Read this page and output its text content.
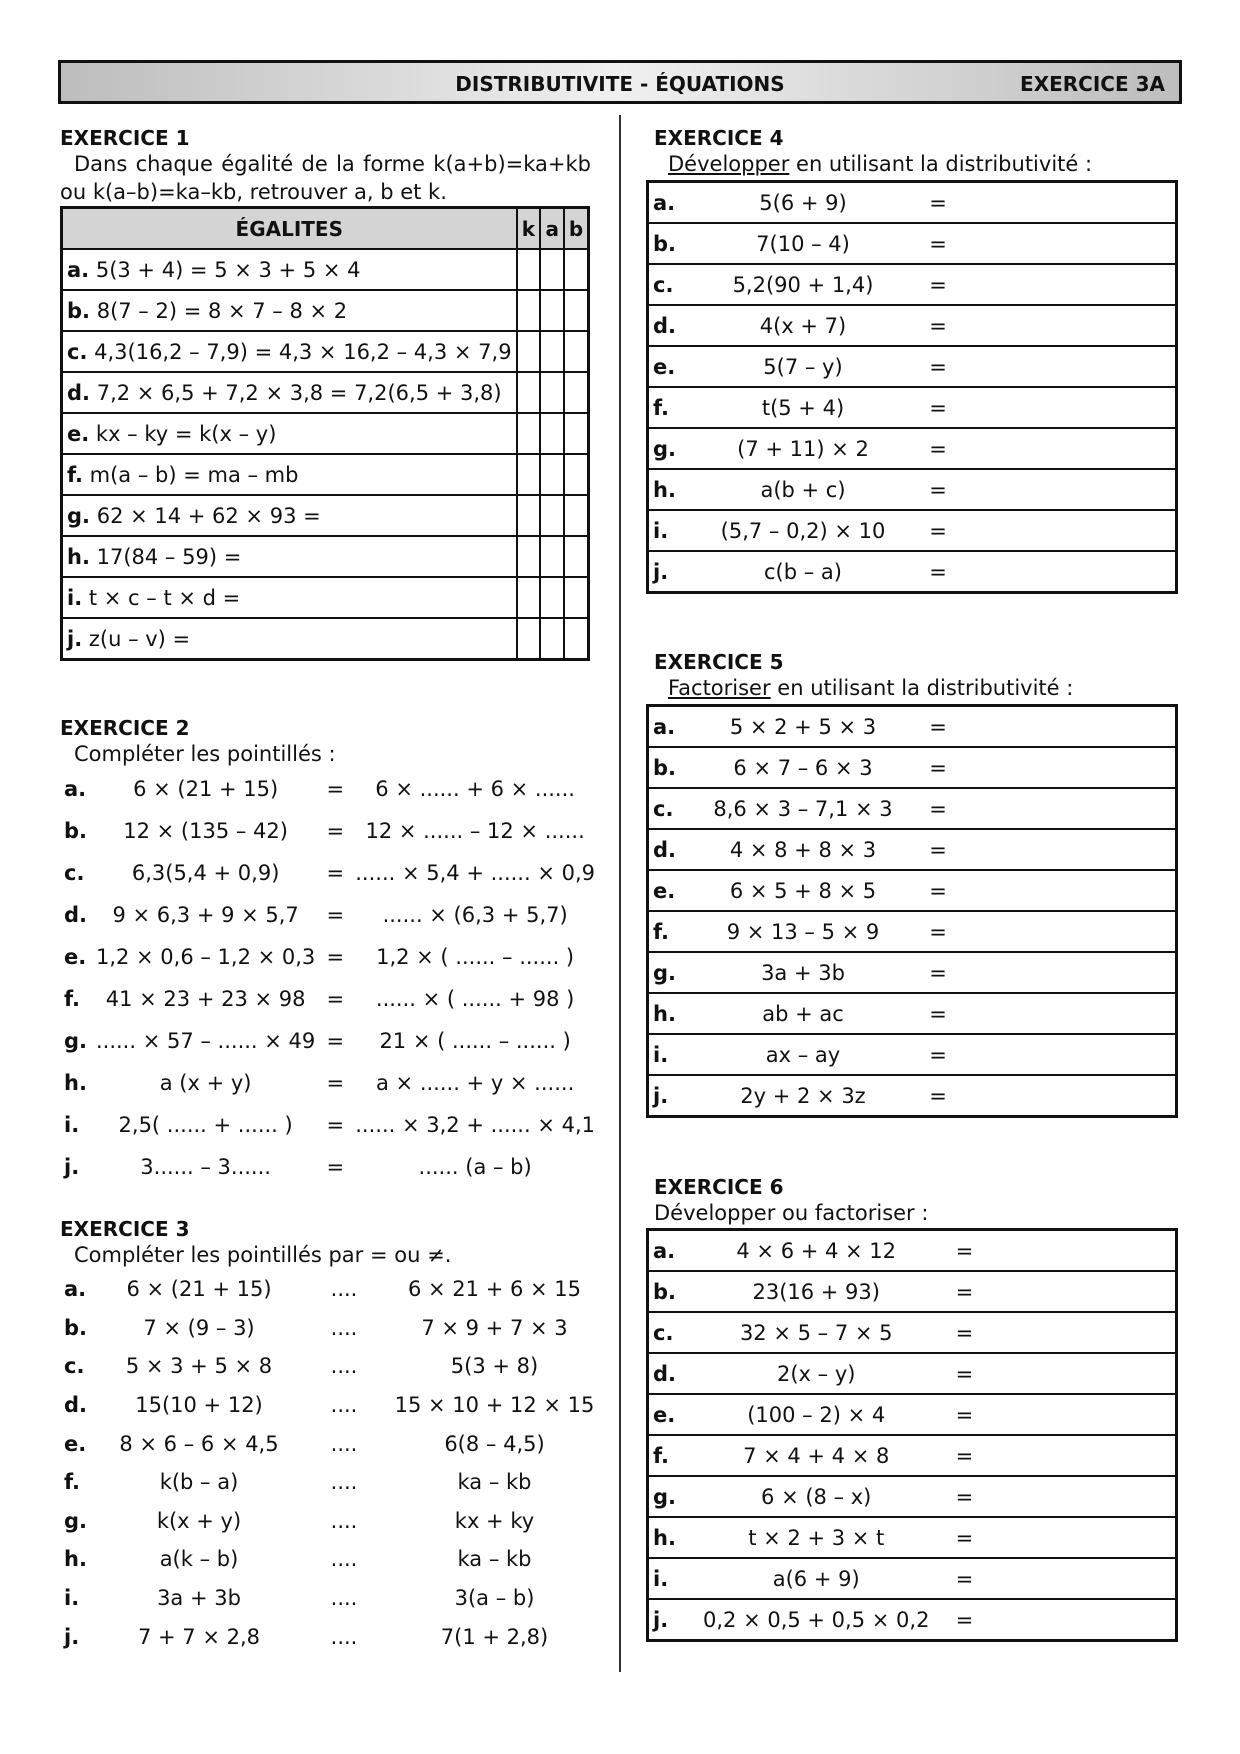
DISTRIBUTIVITE - ÉQUATIONS	EXERCICE 3A
EXERCICE 1
Dans chaque égalité de la forme k(a+b)=ka+kb
ou k(a–b)=ka–kb, retrouver a, b et k.
ÉGALITES	k	a	b
a. 5(3 + 4) = 5 × 3 + 5 × 4			
b. 8(7 – 2) = 8 × 7 – 8 × 2			
c. 4,3(16,2 – 7,9) = 4,3 × 16,2 – 4,3 × 7,9			
d. 7,2 × 6,5 + 7,2 × 3,8 = 7,2(6,5 + 3,8)			
e. kx – ky = k(x – y)			
f. m(a – b) = ma – mb			
g. 62 × 14 + 62 × 93 =			
h. 17(84 – 59) =			
i. t × c – t × d =			
j. z(u – v) =			
EXERCICE 2
Compléter les pointillés :
a.	6 × (21 + 15)	=	6 × ...... + 6 × ......
b.	12 × (135 – 42)	=	12 × ...... – 12 × ......
c.	6,3(5,4 + 0,9)	=	...... × 5,4 + ...... × 0,9
d.	9 × 6,3 + 9 × 5,7	=	...... × (6,3 + 5,7)
e.	1,2 × 0,6 – 1,2 × 0,3	=	1,2 × ( ...... – ...... )
f.	41 × 23 + 23 × 98	=	...... × ( ...... + 98 )
g.	...... × 57 – ...... × 49	=	21 × ( ...... – ...... )
h.	a (x + y)	=	a × ...... + y × ......
i.	2,5( ...... + ...... )	=	...... × 3,2 + ...... × 4,1
j.	3...... – 3......	=	...... (a – b)
EXERCICE 3
Compléter les pointillés par = ou ≠.
a.	6 × (21 + 15)	....	6 × 21 + 6 × 15
b.	7 × (9 – 3)	....	7 × 9 + 7 × 3
c.	5 × 3 + 5 × 8	....	5(3 + 8)
d.	15(10 + 12)	....	15 × 10 + 12 × 15
e.	8 × 6 – 6 × 4,5	....	6(8 – 4,5)
f.	k(b – a)	....	ka – kb
g.	k(x + y)	....	kx + ky
h.	a(k – b)	....	ka – kb
i.	3a + 3b	....	3(a – b)
j.	7 + 7 × 2,8	....	7(1 + 2,8)
EXERCICE 4
Développer en utilisant la distributivité :
a.	5(6 + 9)	=	
b.	7(10 – 4)	=	
c.	5,2(90 + 1,4)	=	
d.	4(x + 7)	=	
e.	5(7 – y)	=	
f.	t(5 + 4)	=	
g.	(7 + 11) × 2	=	
h.	a(b + c)	=	
i.	(5,7 – 0,2) × 10	=	
j.	c(b – a)	=	
EXERCICE 5
Factoriser en utilisant la distributivité :
a.	5 × 2 + 5 × 3	=	
b.	6 × 7 – 6 × 3	=	
c.	8,6 × 3 – 7,1 × 3	=	
d.	4 × 8 + 8 × 3	=	
e.	6 × 5 + 8 × 5	=	
f.	9 × 13 – 5 × 9	=	
g.	3a + 3b	=	
h.	ab + ac	=	
i.	ax – ay	=	
j.	2y + 2 × 3z	=	
EXERCICE 6
Développer ou factoriser :
a.	4 × 6 + 4 × 12	=	
b.	23(16 + 93)	=	
c.	32 × 5 – 7 × 5	=	
d.	2(x – y)	=	
e.	(100 – 2) × 4	=	
f.	7 × 4 + 4 × 8	=	
g.	6 × (8 – x)	=	
h.	t × 2 + 3 × t	=	
i.	a(6 + 9)	=	
j.	0,2 × 0,5 + 0,5 × 0,2	=	
